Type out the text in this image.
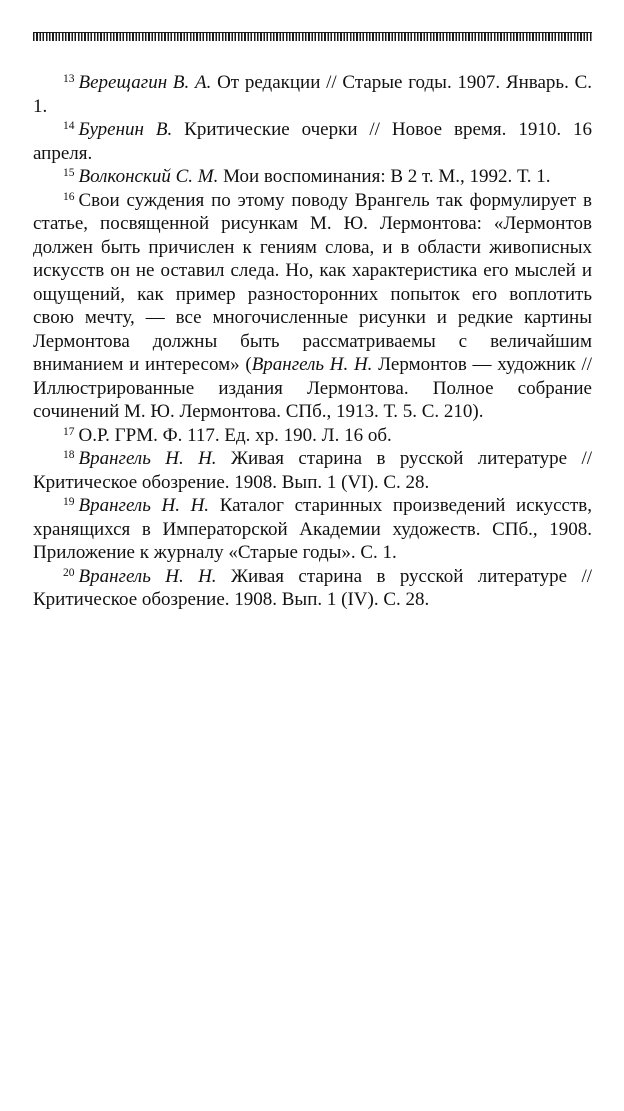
$^{13}$ Верещагин В. А. От редакции // Старые годы. 1907. Январь. С. 1.

$^{14}$ Буренин В. Критические очерки // Новое время. 1910. 16 апреля.

$^{15}$ Волконский С. М. Мои воспоминания: В 2 т. М., 1992. Т. 1.

$^{16}$ Свои суждения по этому поводу Врангель так формулирует в статье, посвященной рисункам М. Ю. Лермонтова: «Лермонтов должен быть причислен к гениям слова, и в области живописных искусств он не оставил следа. Но, как характеристика его мыслей и ощущений, как пример разносторонних попыток его воплотить свою мечту, — все многочисленные рисунки и редкие картины Лермонтова должны быть рассматриваемы с величайшим вниманием и интересом» (Врангель Н. Н. Лермонтов — художник // Иллюстрированные издания Лермонтова. Полное собрание сочинений М. Ю. Лермонтова. СПб., 1913. Т. 5. С. 210).

$^{17}$ О.Р. ГРМ. Ф. 117. Ед. хр. 190. Л. 16 об.

$^{18}$ Врангель Н. Н. Живая старина в русской литературе // Критическое обозрение. 1908. Вып. 1 (VI). С. 28.

$^{19}$ Врангель Н. Н. Каталог старинных произведений искусств, хранящихся в Императорской Академии художеств. СПб., 1908. Приложение к журналу «Старые годы». С. 1.

$^{20}$ Врангель Н. Н. Живая старина в русской литературе // Критическое обозрение. 1908. Вып. 1 (IV). С. 28.
